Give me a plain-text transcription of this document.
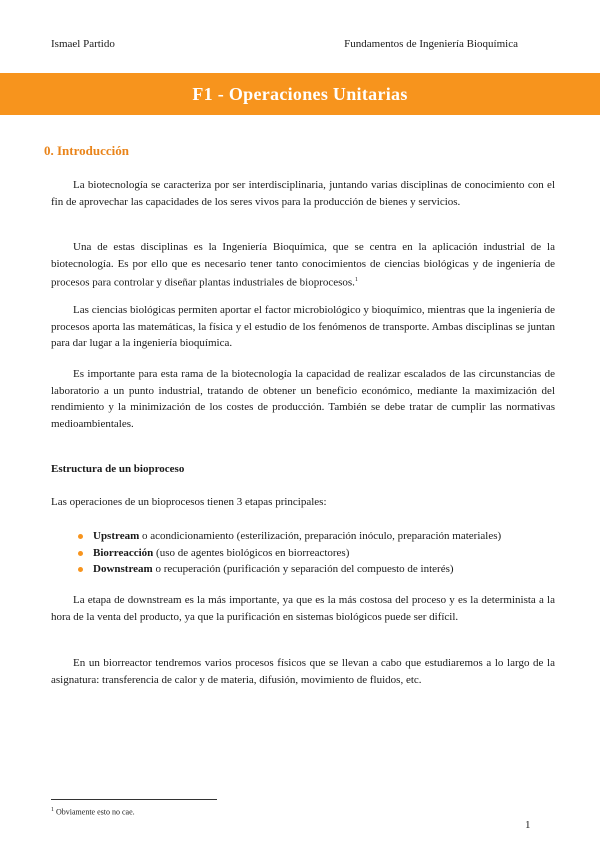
Ismael Partido	Fundamentos de Ingeniería Bioquímica
F1 - Operaciones Unitarias
0. Introducción

La biotecnología se caracteriza por ser interdisciplinaria, juntando varias disciplinas de conocimiento con el fin de aprovechar las capacidades de los seres vivos para la producción de bienes y servicios.

Una de estas disciplinas es la Ingeniería Bioquímica, que se centra en la aplicación industrial de la biotecnología. Es por ello que es necesario tener tanto conocimientos de ciencias biológicas y de ingeniería de procesos para controlar y diseñar plantas industriales de bioprocesos.$^1$

Las ciencias biológicas permiten aportar el factor microbiológico y bioquímico, mientras que la ingeniería de procesos aporta las matemáticas, la física y el estudio de los fenómenos de transporte. Ambas disciplinas se juntan para dar lugar a la ingeniería bioquímica.

Es importante para esta rama de la biotecnología la capacidad de realizar escalados de las circunstancias de laboratorio a un punto industrial, tratando de obtener un beneficio económico, mediante la maximización del rendimiento y la minimización de los costes de producción. También se debe tratar de cumplir las normativas medioambientales.

Estructura de un bioproceso

Las operaciones de un bioprocesos tienen 3 etapas principales:

Upstream o acondicionamiento (esterilización, preparación inóculo, preparación materiales)
Biorreacción (uso de agentes biológicos en biorreactores)
Downstream o recuperación (purificación y separación del compuesto de interés)

La etapa de downstream es la más importante, ya que es la más costosa del proceso y es la determinista a la hora de la venta del producto, ya que la purificación en sistemas biológicos puede ser difícil.

En un biorreactor tendremos varios procesos físicos que se llevan a cabo que estudiaremos a lo largo de la asignatura: transferencia de calor y de materia, difusión, movimiento de fluidos, etc.

$^1$ Obviamente esto no cae.
1
